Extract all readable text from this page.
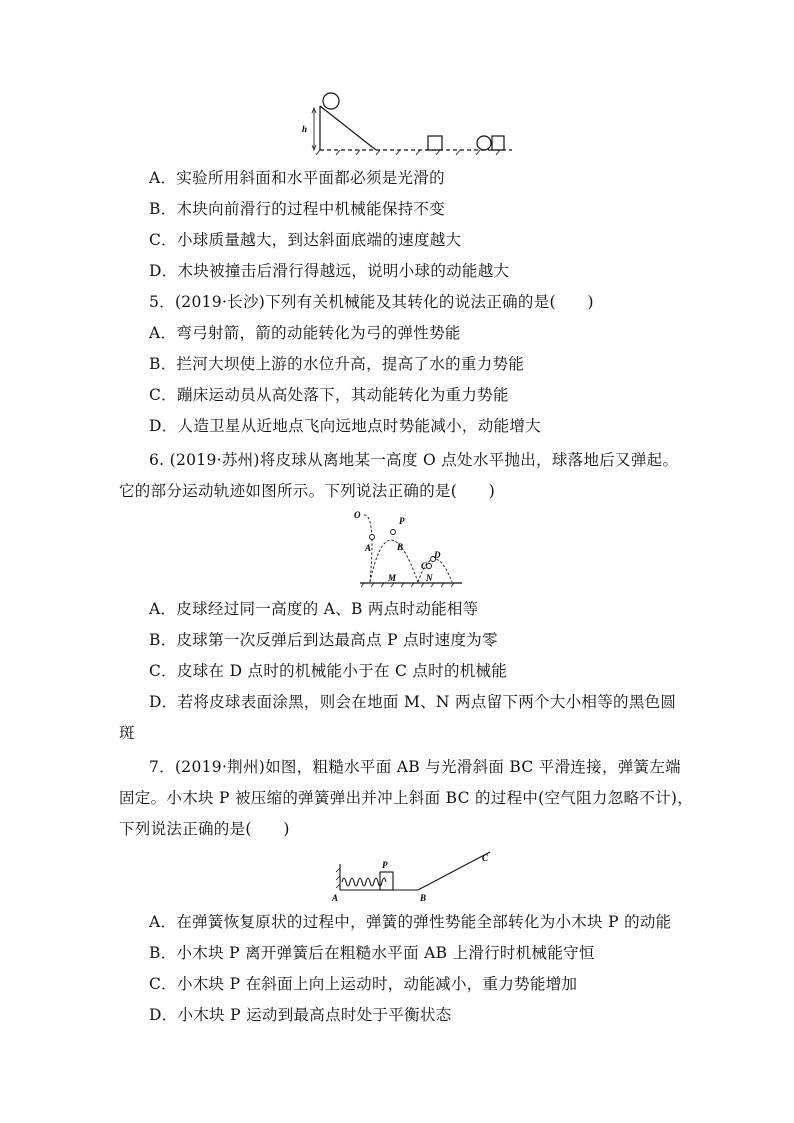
h
A．实验所用斜面和水平面都必须是光滑的
B．木块向前滑行的过程中机械能保持不变
C．小球质量越大，到达斜面底端的速度越大
D．木块被撞击后滑行得越远，说明小球的动能越大
5．(2019·长沙)下列有关机械能及其转化的说法正确的是(　　)
A．弯弓射箭，箭的动能转化为弓的弹性势能
B．拦河大坝使上游的水位升高，提高了水的重力势能
C．蹦床运动员从高处落下，其动能转化为重力势能
D．人造卫星从近地点飞向远地点时势能减小，动能增大
6. (2019·苏州)将皮球从离地某一高度 O 点处水平抛出，球落地后又弹起。
它的部分运动轨迹如图所示。下列说法正确的是(　　)
O
P
A	B
C
D
M	N
A．皮球经过同一高度的 A、B 两点时动能相等
B．皮球第一次反弹后到达最高点 P 点时速度为零
C．皮球在 D 点时的机械能小于在 C 点时的机械能
D．若将皮球表面涂黑，则会在地面 M、N 两点留下两个大小相等的黑色圆
斑
7．(2019·荆州)如图，粗糙水平面 AB 与光滑斜面 BC 平滑连接，弹簧左端
固定。小木块 P 被压缩的弹簧弹出并冲上斜面 BC 的过程中(空气阻力忽略不计)，
下列说法正确的是(　　)
A	B
C
P
A．在弹簧恢复原状的过程中，弹簧的弹性势能全部转化为小木块 P 的动能
B．小木块 P 离开弹簧后在粗糙水平面 AB 上滑行时机械能守恒
C．小木块 P 在斜面上向上运动时，动能减小，重力势能增加
D．小木块 P 运动到最高点时处于平衡状态
